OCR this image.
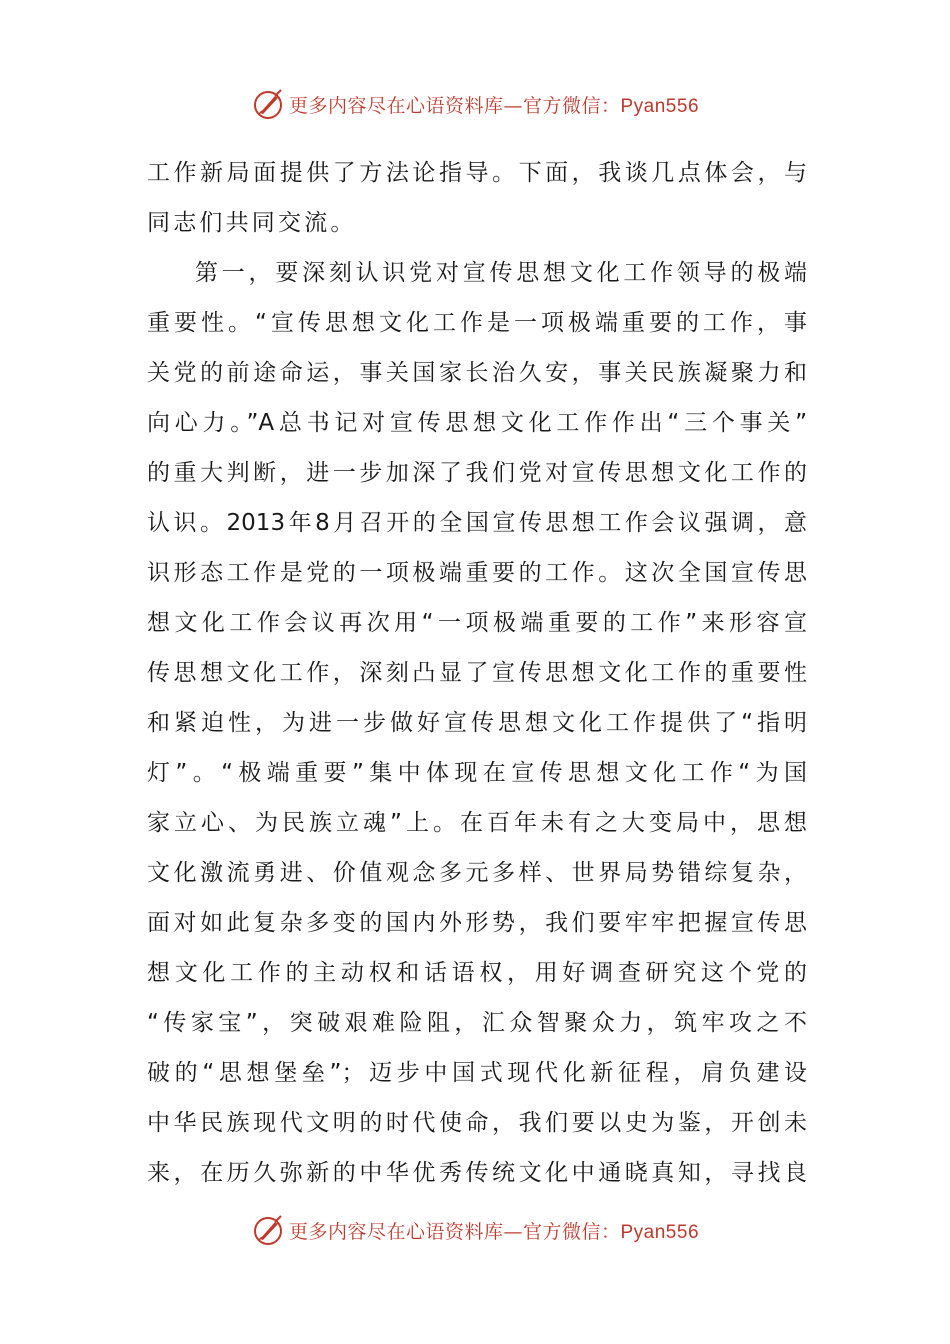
更多内容尽在心语资料库—官方微信：Pyan556
工作新局面提供了方法论指导。下面，我谈几点体会，与
同志们共同交流。
第一，要深刻认识党对宣传思想文化工作领导的极端
重要性。“宣传思想文化工作是一项极端重要的工作，事
关党的前途命运，事关国家长治久安，事关民族凝聚力和
向心力。”A总书记对宣传思想文化工作作出“三个事关”
的重大判断，进一步加深了我们党对宣传思想文化工作的
认识。2013年8月召开的全国宣传思想工作会议强调，意
识形态工作是党的一项极端重要的工作。这次全国宣传思
想文化工作会议再次用“一项极端重要的工作”来形容宣
传思想文化工作，深刻凸显了宣传思想文化工作的重要性
和紧迫性，为进一步做好宣传思想文化工作提供了“指明
灯”。“极端重要”集中体现在宣传思想文化工作“为国
家立心、为民族立魂”上。在百年未有之大变局中，思想
文化激流勇进、价值观念多元多样、世界局势错综复杂，
面对如此复杂多变的国内外形势，我们要牢牢把握宣传思
想文化工作的主动权和话语权，用好调查研究这个党的
“传家宝”，突破艰难险阻，汇众智聚众力，筑牢攻之不
破的“思想堡垒”；迈步中国式现代化新征程，肩负建设
中华民族现代文明的时代使命，我们要以史为鉴，开创未
来，在历久弥新的中华优秀传统文化中通晓真知，寻找良
更多内容尽在心语资料库—官方微信：Pyan556
